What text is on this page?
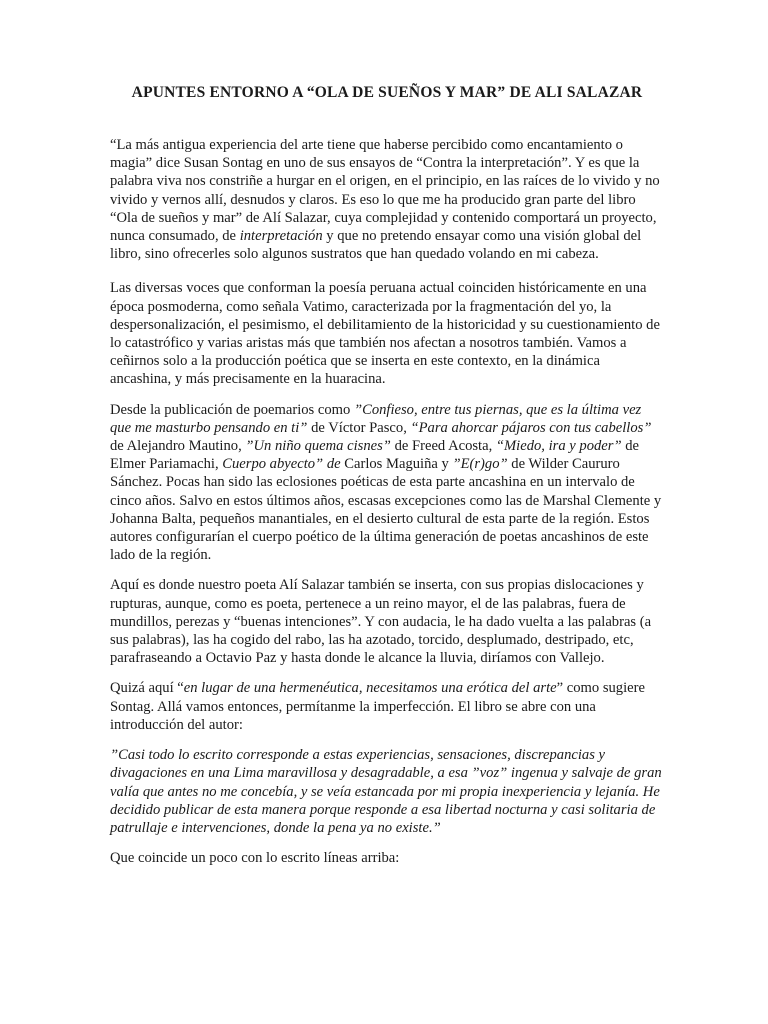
APUNTES ENTORNO A “OLA DE SUEÑOS Y MAR” DE ALI SALAZAR

“La más antigua experiencia del arte tiene que haberse percibido como encantamiento o magia” dice Susan Sontag en uno de sus ensayos de “Contra la interpretación”. Y es que la palabra viva nos constriñe a hurgar en el origen, en el principio, en las raíces de lo vivido y no vivido y vernos allí, desnudos y claros. Es eso lo que me ha producido gran parte del libro “Ola de sueños y mar” de Alí Salazar, cuya complejidad y contenido comportará un proyecto, nunca consumado, de interpretación y que no pretendo ensayar como una visión global del libro, sino ofrecerles solo algunos sustratos que han quedado volando en mi cabeza.

Las diversas voces que conforman la poesía peruana actual coinciden históricamente en una época posmoderna, como señala Vatimo, caracterizada por la fragmentación del yo, la despersonalización, el pesimismo, el debilitamiento de la historicidad y su cuestionamiento de lo catastrófico y varias aristas más que también nos afectan a nosotros también. Vamos a ceñirnos solo a la producción poética que se inserta en este contexto, en la dinámica ancashina, y más precisamente en la huaracina.

Desde la publicación de poemarios como ”Confieso, entre tus piernas, que es la última vez que me masturbo pensando en ti” de Víctor Pasco, “Para ahorcar pájaros con tus cabellos” de Alejandro Mautino, ”Un niño quema cisnes” de Freed Acosta, “Miedo, ira y poder” de Elmer Pariamachi, Cuerpo abyecto” de Carlos Maguiña y ”E(r)go” de Wilder Caururo Sánchez. Pocas han sido las eclosiones poéticas de esta parte ancashina en un intervalo de cinco años. Salvo en estos últimos años, escasas excepciones como las de Marshal Clemente y Johanna Balta, pequeños manantiales, en el desierto cultural de esta parte de la región. Estos autores configurarían el cuerpo poético de la última generación de poetas ancashinos de este lado de la región.

Aquí es donde nuestro poeta Alí Salazar también se inserta, con sus propias dislocaciones y rupturas, aunque, como es poeta, pertenece a un reino mayor, el de las palabras, fuera de mundillos, perezas y “buenas intenciones”. Y con audacia, le ha dado vuelta a las palabras (a sus palabras), las ha cogido del rabo, las ha azotado, torcido, desplumado, destripado, etc, parafraseando a Octavio Paz y hasta donde le alcance la lluvia, diríamos con Vallejo.

Quizá aquí “en lugar de una hermenéutica, necesitamos una erótica del arte” como sugiere Sontag. Allá vamos entonces, permítanme la imperfección. El libro se abre con una introducción del autor:

”Casi todo lo escrito corresponde a estas experiencias, sensaciones, discrepancias y divagaciones en una Lima maravillosa y desagradable, a esa ”voz” ingenua y salvaje de gran valía que antes no me concebía, y se veía estancada por mi propia inexperiencia y lejanía. He decidido publicar de esta manera porque responde a esa libertad nocturna y casi solitaria de patrullaje e intervenciones, donde la pena ya no existe.”

Que coincide un poco con lo escrito líneas arriba:
